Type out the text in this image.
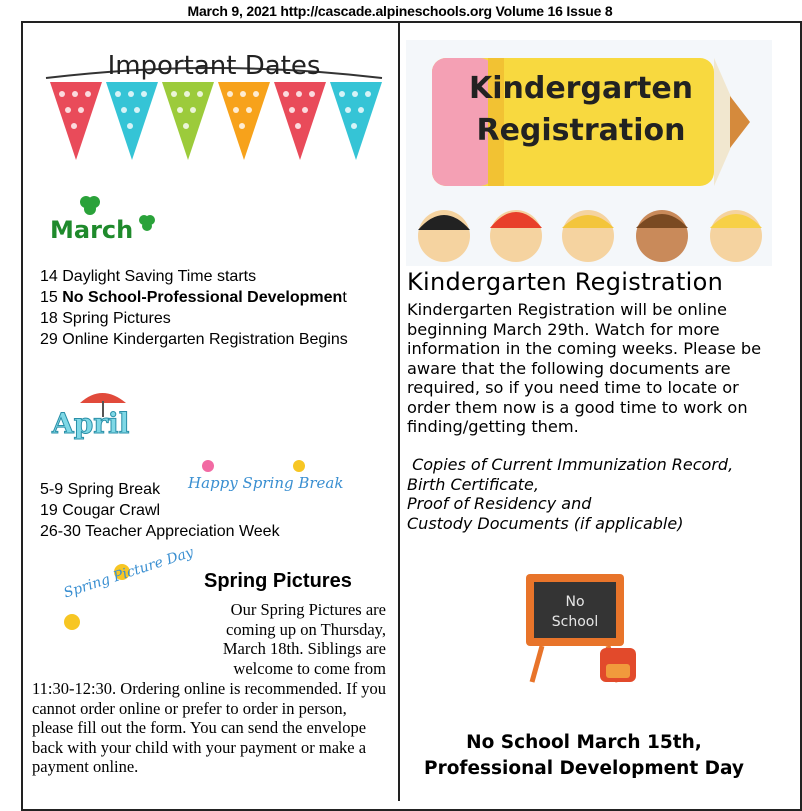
March 9, 2021 http://cascade.alpineschools.org Volume 16 Issue 8
Important Dates
March
14 Daylight Saving Time starts
15 No School-Professional Development
18 Spring Pictures
29 Online Kindergarten Registration Begins
April
Happy Spring Break
5-9 Spring Break
19 Cougar Crawl
26-30 Teacher Appreciation Week
Spring Picture Day Spring Pictures
Our Spring Pictures are coming up on Thursday, March 18th. Siblings are welcome to come from
11:30-12:30. Ordering online is recommended. If you cannot order online or prefer to order in person, please fill out the form. You can send the envelope back with your child with your payment or make a payment online.
Kindergarten
Registration
Kindergarten Registration
Kindergarten Registration will be online beginning March 29th. Watch for more information in the coming weeks. Please be aware that the following documents are required, so if you need time to locate or order them now is a good time to work on finding/getting them.
Copies of Current Immunization Record,
Birth Certificate,
Proof of Residency and
Custody Documents (if applicable)
No
School
No School March 15th, Professional Development Day
